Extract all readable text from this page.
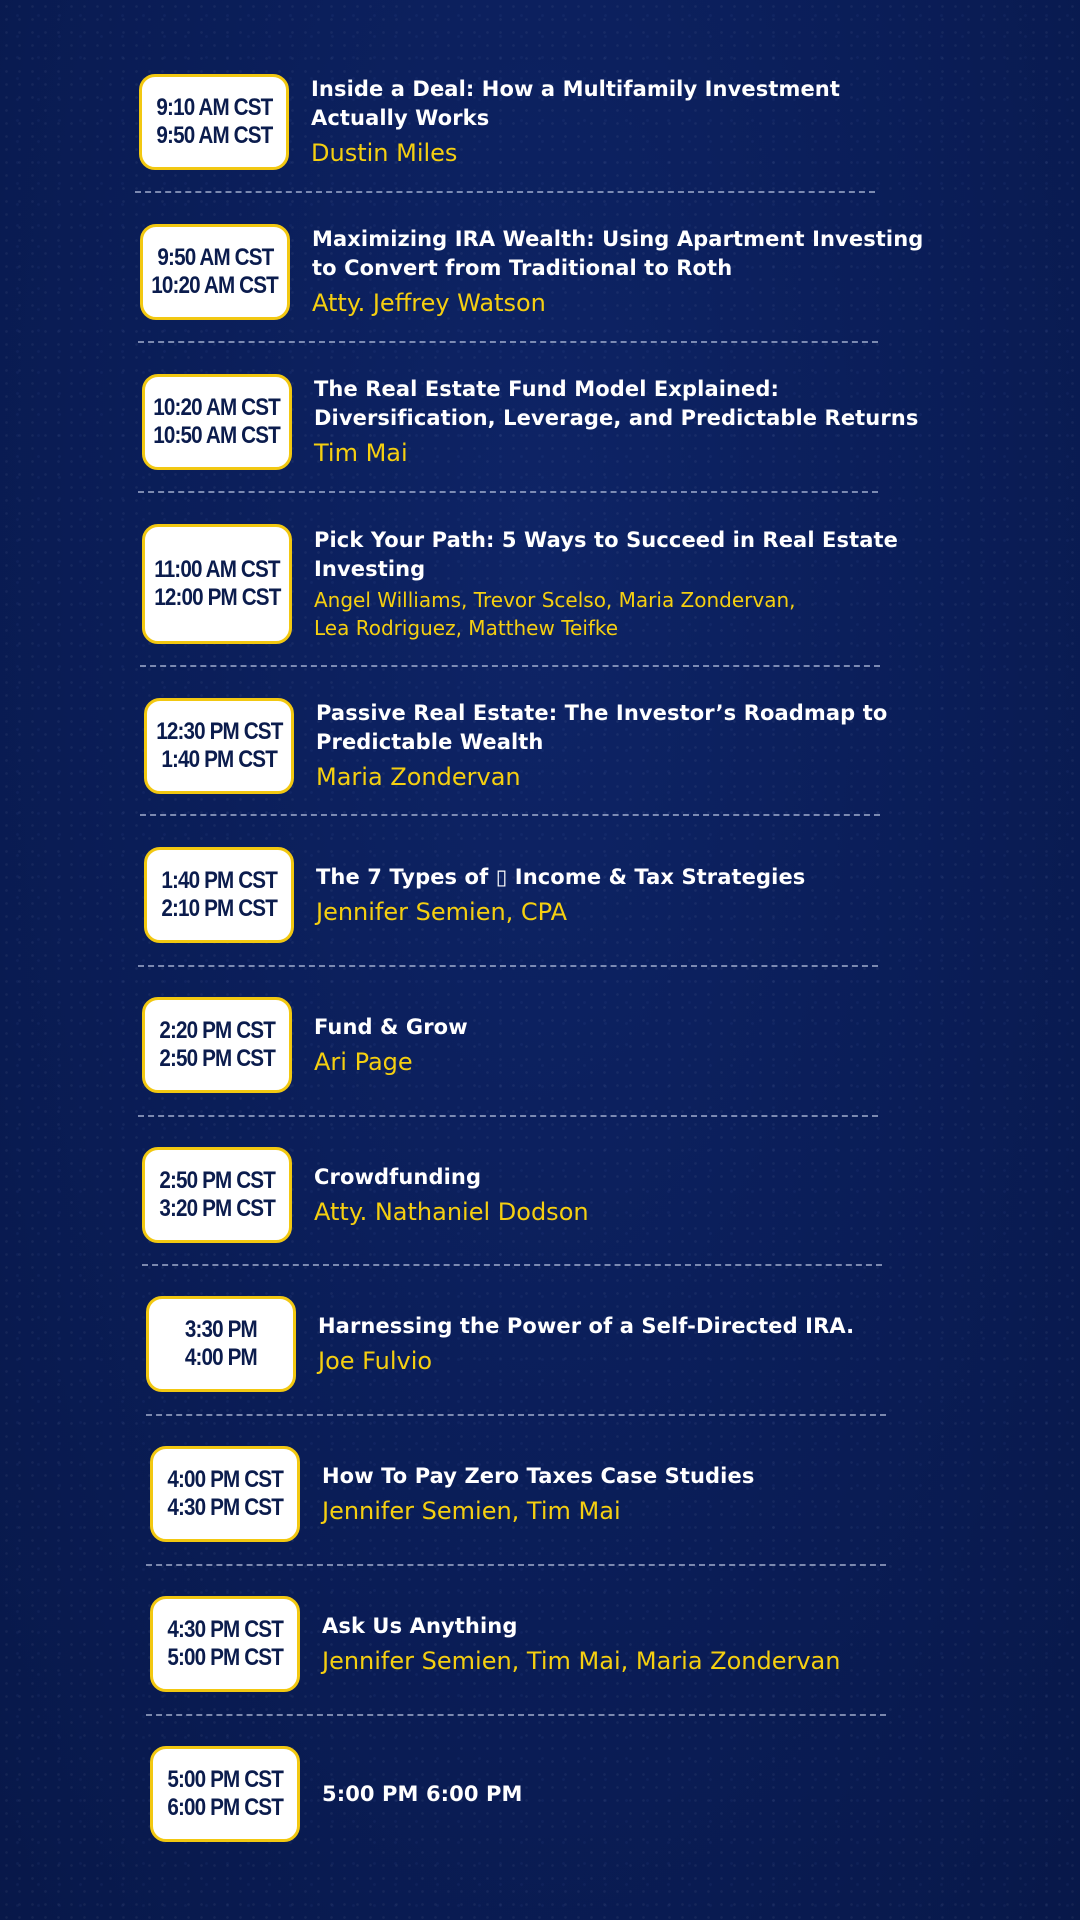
9:10 AM CST
9:50 AM CST
Inside a Deal: How a Multifamily Investment Actually Works
Dustin Miles
9:50 AM CST
10:20 AM CST
Maximizing IRA Wealth: Using Apartment Investing to Convert from Traditional to Roth
Atty. Jeffrey Watson
10:20 AM CST
10:50 AM CST
The Real Estate Fund Model Explained: Diversification, Leverage, and Predictable Returns
Tim Mai
11:00 AM CST
12:00 PM CST
Pick Your Path: 5 Ways to Succeed in Real Estate Investing
Angel Williams, Trevor Scelso, Maria Zondervan,
Lea Rodriguez, Matthew Teifke
12:30 PM CST
1:40 PM CST
Passive Real Estate: The Investor’s Roadmap to Predictable Wealth
Maria Zondervan
1:40 PM CST
2:10 PM CST
The 7 Types of ▯ Income & Tax Strategies
Jennifer Semien, CPA
2:20 PM CST
2:50 PM CST
Fund & Grow
Ari Page
2:50 PM CST
3:20 PM CST
Crowdfunding
Atty. Nathaniel Dodson
3:30 PM
4:00 PM
Harnessing the Power of a Self-Directed IRA.
Joe Fulvio
4:00 PM CST
4:30 PM CST
How To Pay Zero Taxes Case Studies
Jennifer Semien, Tim Mai
4:30 PM CST
5:00 PM CST
Ask Us Anything
Jennifer Semien, Tim Mai, Maria Zondervan
5:00 PM CST
6:00 PM CST
5:00 PM 6:00 PM
